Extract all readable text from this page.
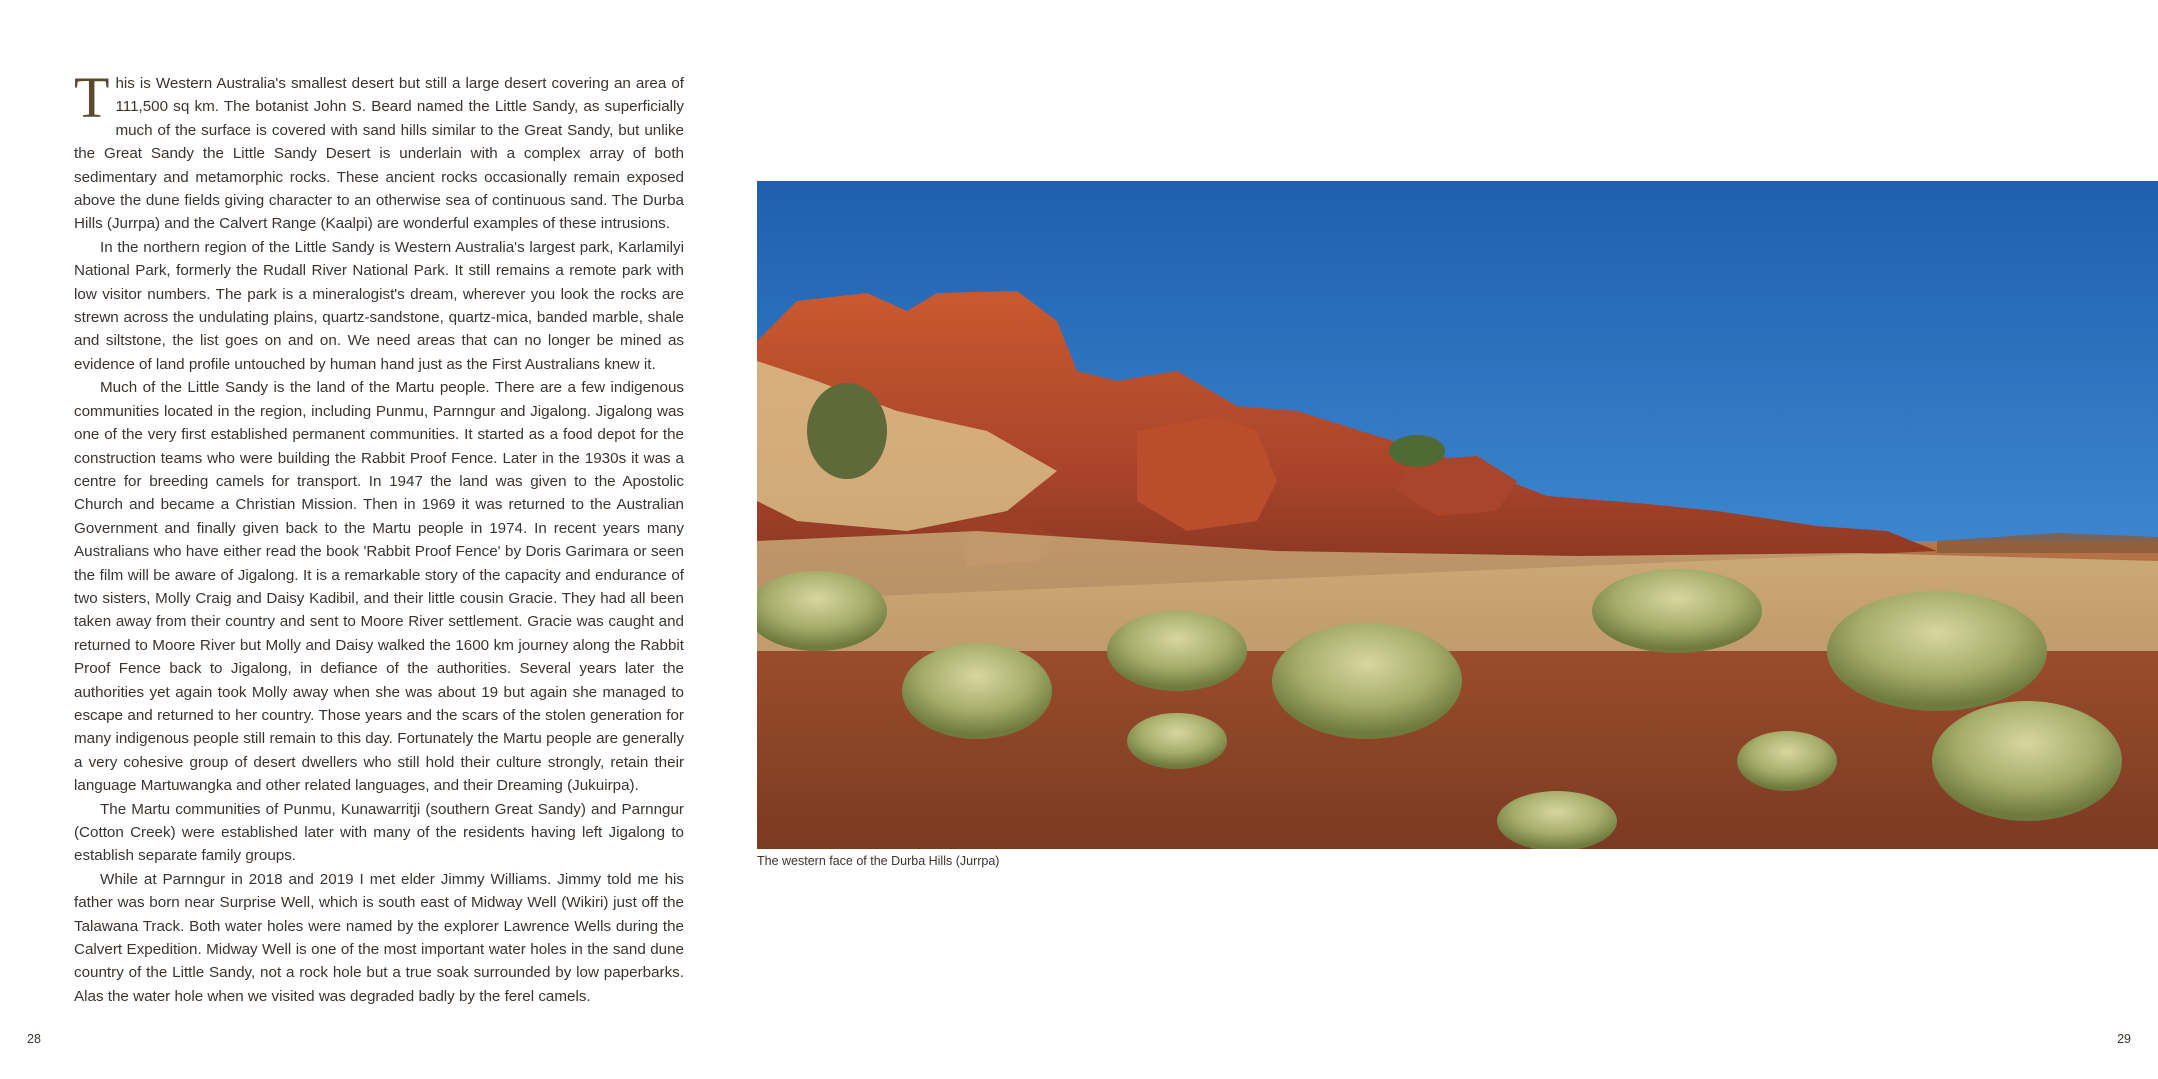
This is Western Australia's smallest desert but still a large desert covering an area of 111,500 sq km. The botanist John S. Beard named the Little Sandy, as superficially much of the surface is covered with sand hills similar to the Great Sandy, but unlike the Great Sandy the Little Sandy Desert is underlain with a complex array of both sedimentary and metamorphic rocks. These ancient rocks occasionally remain exposed above the dune fields giving character to an otherwise sea of continuous sand. The Durba Hills (Jurrpa) and the Calvert Range (Kaalpi) are wonderful examples of these intrusions.

In the northern region of the Little Sandy is Western Australia's largest park, Karlamilyi National Park, formerly the Rudall River National Park. It still remains a remote park with low visitor numbers. The park is a mineralogist's dream, wherever you look the rocks are strewn across the undulating plains, quartz-sandstone, quartz-mica, banded marble, shale and siltstone, the list goes on and on. We need areas that can no longer be mined as evidence of land profile untouched by human hand just as the First Australians knew it.

Much of the Little Sandy is the land of the Martu people. There are a few indigenous communities located in the region, including Punmu, Parnngur and Jigalong. Jigalong was one of the very first established permanent communities. It started as a food depot for the construction teams who were building the Rabbit Proof Fence. Later in the 1930s it was a centre for breeding camels for transport. In 1947 the land was given to the Apostolic Church and became a Christian Mission. Then in 1969 it was returned to the Australian Government and finally given back to the Martu people in 1974. In recent years many Australians who have either read the book 'Rabbit Proof Fence' by Doris Garimara or seen the film will be aware of Jigalong. It is a remarkable story of the capacity and endurance of two sisters, Molly Craig and Daisy Kadibil, and their little cousin Gracie. They had all been taken away from their country and sent to Moore River settlement. Gracie was caught and returned to Moore River but Molly and Daisy walked the 1600 km journey along the Rabbit Proof Fence back to Jigalong, in defiance of the authorities. Several years later the authorities yet again took Molly away when she was about 19 but again she managed to escape and returned to her country. Those years and the scars of the stolen generation for many indigenous people still remain to this day. Fortunately the Martu people are generally a very cohesive group of desert dwellers who still hold their culture strongly, retain their language Martuwangka and other related languages, and their Dreaming (Jukuirpa).

The Martu communities of Punmu, Kunawarritji (southern Great Sandy) and Parnngur (Cotton Creek) were established later with many of the residents having left Jigalong to establish separate family groups.

While at Parnngur in 2018 and 2019 I met elder Jimmy Williams. Jimmy told me his father was born near Surprise Well, which is south east of Midway Well (Wikiri) just off the Talawana Track. Both water holes were named by the explorer Lawrence Wells during the Calvert Expedition. Midway Well is one of the most important water holes in the sand dune country of the Little Sandy, not a rock hole but a true soak surrounded by low paperbarks. Alas the water hole when we visited was degraded badly by the ferel camels.

28
The western face of the Durba Hills (Jurrpa)
29
